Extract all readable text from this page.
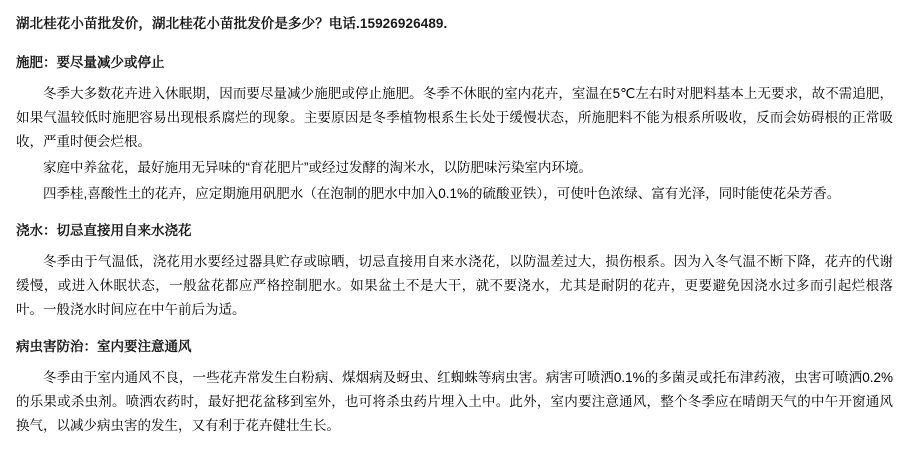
湖北桂花小苗批发价，湖北桂花小苗批发价是多少？电话.15926926489.
施肥：要尽量减少或停止

冬季大多数花卉进入休眠期，因而要尽量减少施肥或停止施肥。冬季不休眠的室内花卉，室温在5℃左右时对肥料基本上无要求，故不需追肥，如果气温较低时施肥容易出现根系腐烂的现象。主要原因是冬季植物根系生长处于缓慢状态，所施肥料不能为根系所吸收，反而会妨碍根的正常吸收，严重时便会烂根。

家庭中养盆花，最好施用无异味的“育花肥片”或经过发酵的淘米水，以防肥味污染室内环境。

四季桂,喜酸性土的花卉，应定期施用矾肥水（在泡制的肥水中加入0.1%的硫酸亚铁），可使叶色浓绿、富有光泽，同时能使花朵芳香。

浇水：切忌直接用自来水浇花

冬季由于气温低，浇花用水要经过器具贮存或晾晒，切忌直接用自来水浇花，以防温差过大，损伤根系。因为入冬气温不断下降，花卉的代谢缓慢，或进入休眠状态，一般盆花都应严格控制肥水。如果盆土不是大干，就不要浇水，尤其是耐阴的花卉，更要避免因浇水过多而引起烂根落叶。一般浇水时间应在中午前后为适。

病虫害防治：室内要注意通风

冬季由于室内通风不良，一些花卉常发生白粉病、煤烟病及蚜虫、红蜘蛛等病虫害。病害可喷洒0.1%的多菌灵或托布津药液，虫害可喷洒0.2%的乐果或杀虫剂。喷洒农药时，最好把花盆移到室外，也可将杀虫药片埋入土中。此外，室内要注意通风，整个冬季应在晴朗天气的中午开窗通风换气，以减少病虫害的发生，又有利于花卉健壮生长。
